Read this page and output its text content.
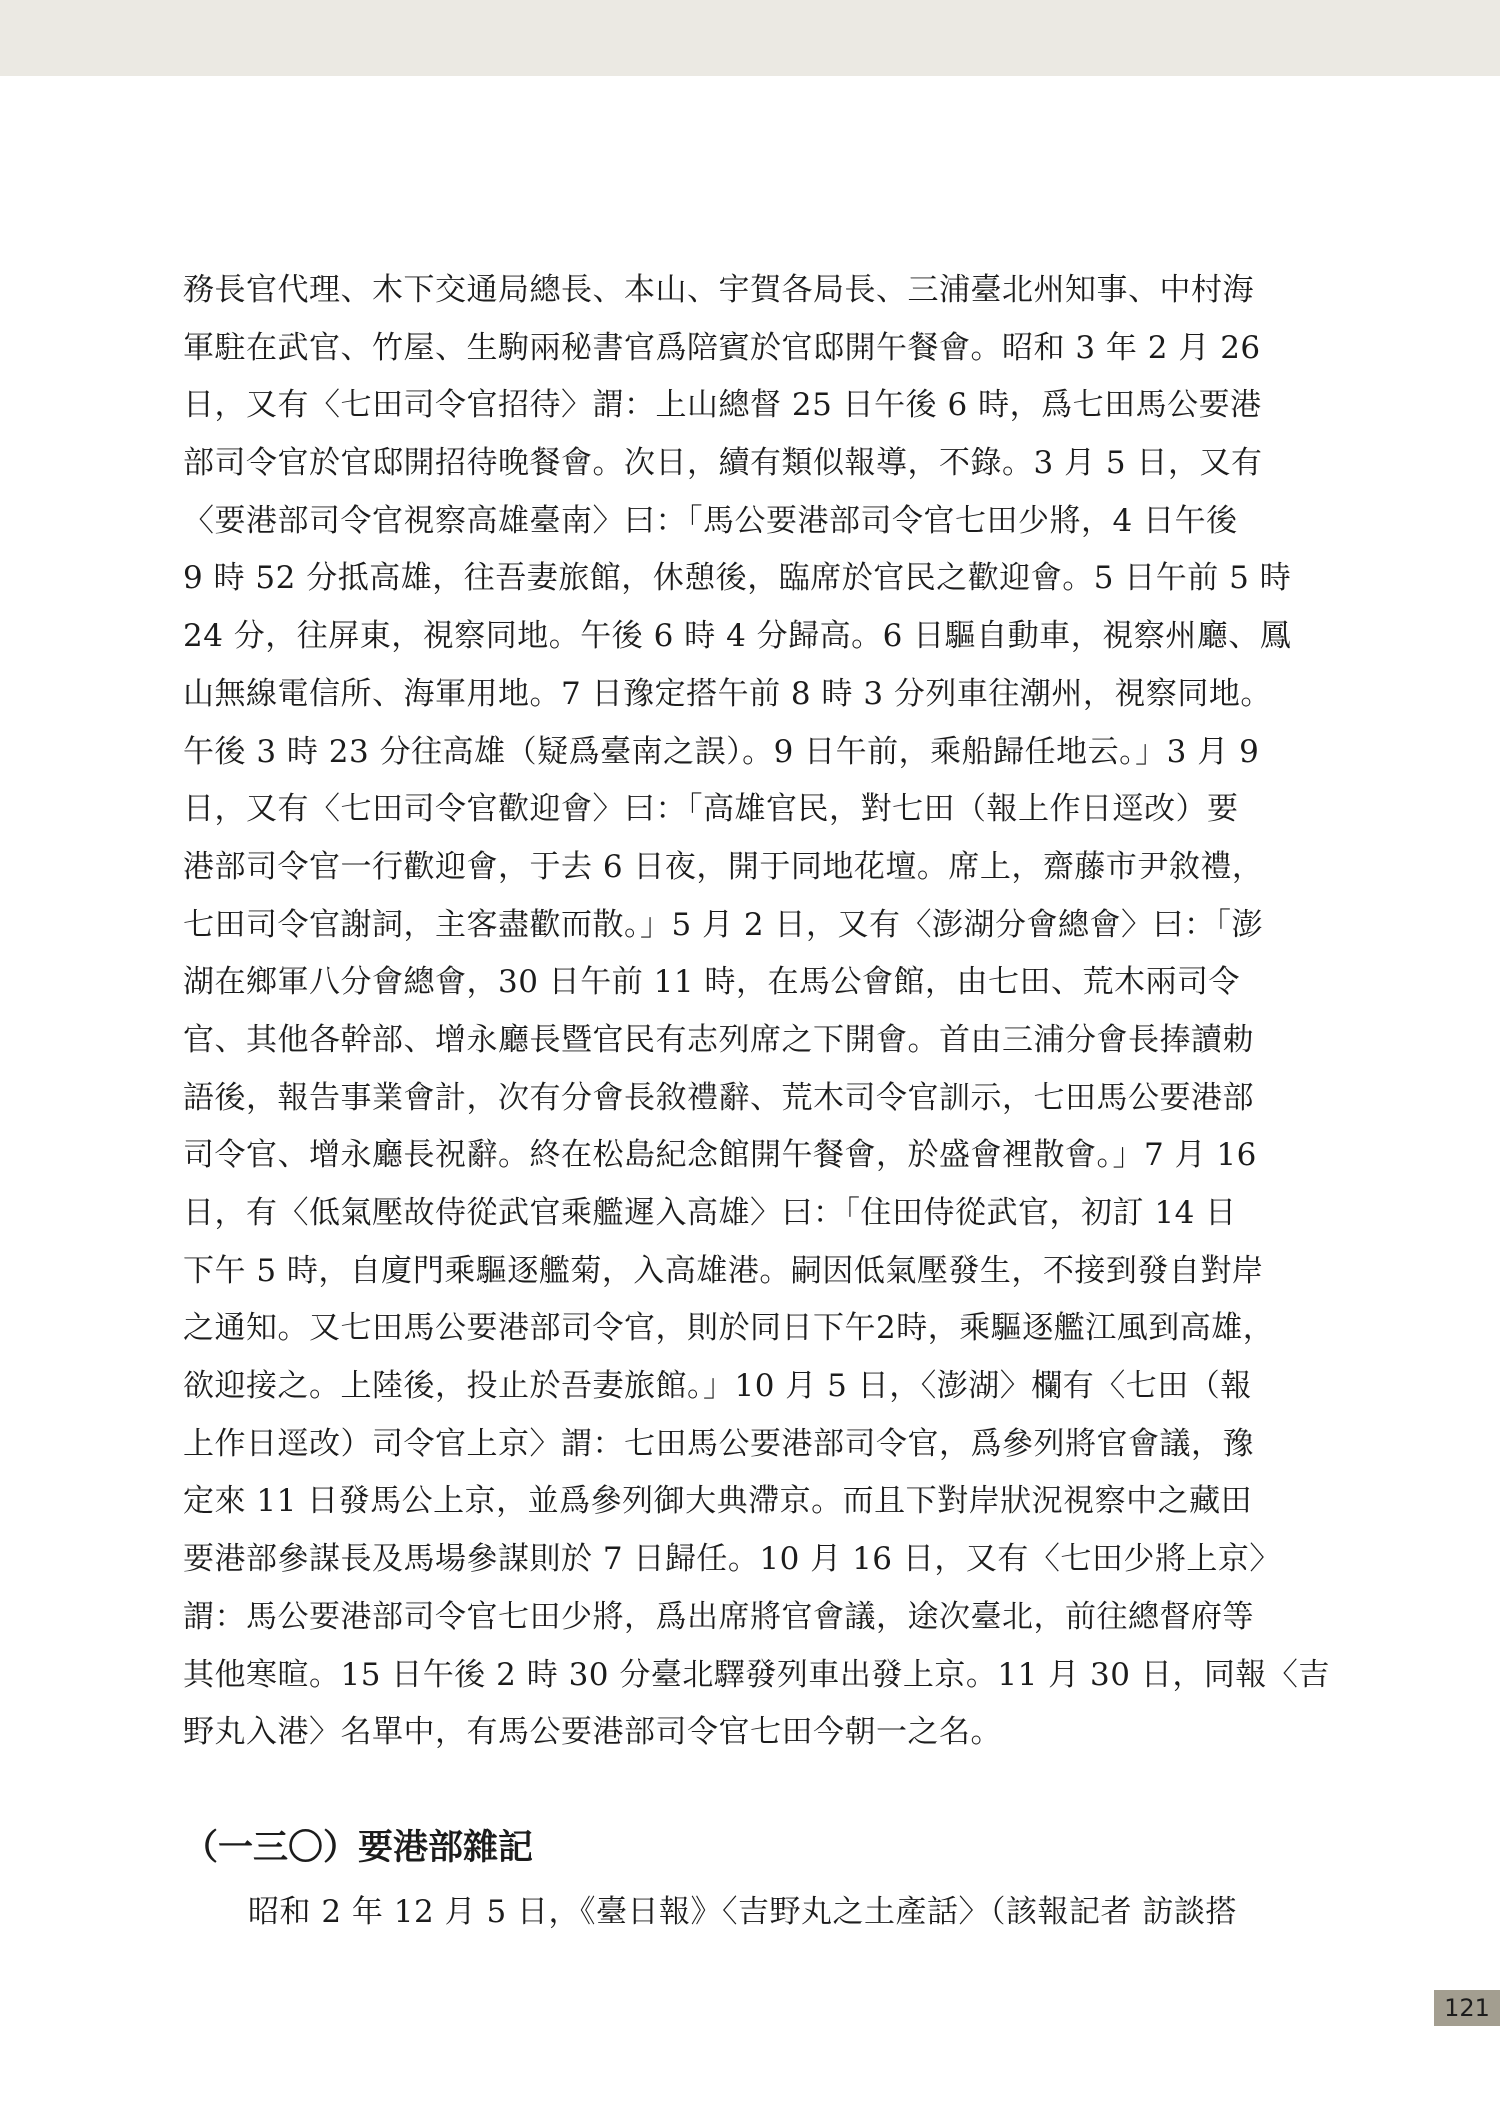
務長官代理、木下交通局總長、本山、宇賀各局長、三浦臺北州知事、中村海
軍駐在武官、竹屋、生駒兩秘書官爲陪賓於官邸開午餐會。昭和 3 年 2 月 26
日，又有〈七田司令官招待〉謂：上山總督 25 日午後 6 時，爲七田馬公要港
部司令官於官邸開招待晚餐會。次日，續有類似報導，不錄。3 月 5 日，又有
〈要港部司令官視察高雄臺南〉曰：「馬公要港部司令官七田少將，4 日午後
9 時 52 分抵高雄，往吾妻旅館，休憩後，臨席於官民之歡迎會。5 日午前 5 時
24 分，往屏東，視察同地。午後 6 時 4 分歸高。6 日驅自動車，視察州廳、鳳
山無線電信所、海軍用地。7 日豫定搭午前 8 時 3 分列車往潮州，視察同地。
午後 3 時 23 分往高雄（疑爲臺南之誤）。9 日午前，乘船歸任地云。」3 月 9
日，又有〈七田司令官歡迎會〉曰：「高雄官民，對七田（報上作日逕改）要
港部司令官一行歡迎會，于去 6 日夜，開于同地花壇。席上，齋藤市尹敘禮，
七田司令官謝詞，主客盡歡而散。」5 月 2 日，又有〈澎湖分會總會〉曰：「澎
湖在鄉軍八分會總會，30 日午前 11 時，在馬公會館，由七田、荒木兩司令
官、其他各幹部、增永廳長暨官民有志列席之下開會。首由三浦分會長捧讀勅
語後，報告事業會計，次有分會長敘禮辭、荒木司令官訓示，七田馬公要港部
司令官、增永廳長祝辭。終在松島紀念館開午餐會，於盛會裡散會。」7 月 16
日，有〈低氣壓故侍從武官乘艦遲入高雄〉曰：「住田侍從武官，初訂 14 日
下午 5 時，自廈門乘驅逐艦菊，入高雄港。嗣因低氣壓發生，不接到發自對岸
之通知。又七田馬公要港部司令官，則於同日下午2時，乘驅逐艦江風到高雄，
欲迎接之。上陸後，投止於吾妻旅館。」10 月 5 日，〈澎湖〉欄有〈七田（報
上作日逕改）司令官上京〉謂：七田馬公要港部司令官，爲參列將官會議，豫
定來 11 日發馬公上京，並爲參列御大典滯京。而且下對岸狀況視察中之藏田
要港部參謀長及馬場參謀則於 7 日歸任。10 月 16 日，又有〈七田少將上京〉
謂：馬公要港部司令官七田少將，爲出席將官會議，途次臺北，前往總督府等
其他寒暄。15 日午後 2 時 30 分臺北驛發列車出發上京。11 月 30 日，同報〈吉
野丸入港〉名單中，有馬公要港部司令官七田今朝一之名。
（一三〇）要港部雜記
昭和 2 年 12 月 5 日，《臺日報》〈吉野丸之土產話〉（該報記者 訪談搭
121
